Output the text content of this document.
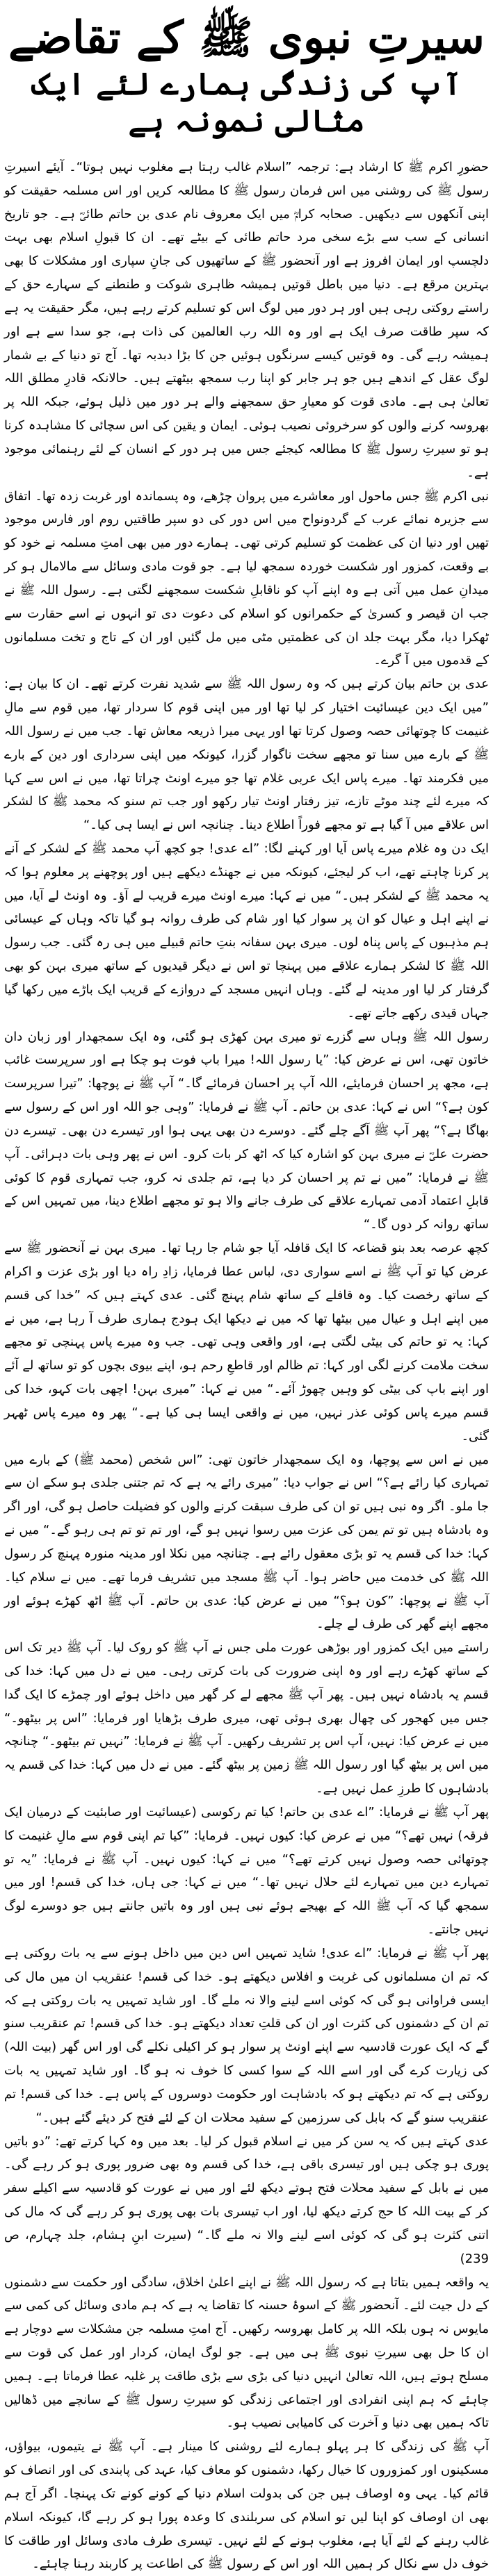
سیرتِ نبوی ﷺ کے تقاضے
آپ کی زندگی ہمارے لئے ایک مثالی نمونہ ہے

حضورِ اکرم ﷺ کا ارشاد ہے: ترجمہ ”اسلام غالب رہتا ہے مغلوب نہیں ہوتا“۔ آیئے اسیرتِ رسول ﷺ کی روشنی میں اس فرمان رسول ﷺ کا مطالعہ کریں اور اس مسلمہ حقیقت کو اپنی آنکھوں سے دیکھیں۔ صحابہ کرامؓ میں ایک معروف نام عدی بن حاتم طائیؓ ہے۔ جو تاریخ انسانی کے سب سے بڑے سخی مرد حاتم طائی کے بیٹے تھے۔ ان کا قبولِ اسلام بھی بہت دلچسپ اور ایمان افروز ہے اور آنحضور ﷺ کے ساتھیوں کی جانِ سپاری اور مشکلات کا بھی بہترین مرقع ہے۔ دنیا میں باطل قوتیں ہمیشہ ظاہری شوکت و طنطنے کے سہارے حق کے راستے روکتی رہی ہیں اور ہر دور میں لوگ اس کو تسلیم کرتے رہے ہیں، مگر حقیقت یہ ہے کہ سپر طاقت صرف ایک ہے اور وہ اللہ رب العالمین کی ذات ہے، جو سدا سے ہے اور ہمیشہ رہے گی۔ وہ قوتیں کیسے سرنگوں ہوئیں جن کا بڑا دبدبہ تھا۔ آج تو دنیا کے بے شمار لوگ عقل کے اندھے ہیں جو ہر جابر کو اپنا رب سمجھ بیٹھتے ہیں۔ حالانکہ قادرِ مطلق اللہ تعالیٰ ہی ہے۔ مادی قوت کو معیارِ حق سمجھنے والے ہر دور میں ذلیل ہوئے، جبکہ اللہ پر بھروسہ کرنے والوں کو سرخروئی نصیب ہوئی۔ ایمان و یقین کی اس سچائی کا مشاہدہ کرنا ہو تو سیرتِ رسول ﷺ کا مطالعہ کیجئے جس میں ہر دور کے انسان کے لئے رہنمائی موجود ہے۔

نبی اکرم ﷺ جس ماحول اور معاشرے میں پروان چڑھے، وہ پسماندہ اور غربت زدہ تھا۔ اتفاق سے جزیرہ نمائے عرب کے گردونواح میں اس دور کی دو سپر طاقتیں روم اور فارس موجود تھیں اور دنیا ان کی عظمت کو تسلیم کرتی تھی۔ ہمارے دور میں بھی امتِ مسلمہ نے خود کو بے وقعت، کمزور اور شکست خوردہ سمجھ لیا ہے۔ جو قوت مادی وسائل سے مالامال ہو کر میدانِ عمل میں آتی ہے وہ اپنے آپ کو ناقابلِ شکست سمجھنے لگتی ہے۔ رسول اللہ ﷺ نے جب ان قیصر و کسریٰ کے حکمرانوں کو اسلام کی دعوت دی تو انہوں نے اسے حقارت سے ٹھکرا دیا، مگر بہت جلد ان کی عظمتیں مٹی میں مل گئیں اور ان کے تاج و تخت مسلمانوں کے قدموں میں آ گرے۔

عدی بن حاتم بیان کرتے ہیں کہ وہ رسول اللہ ﷺ سے شدید نفرت کرتے تھے۔ ان کا بیان ہے: ”میں ایک دین عیسائیت اختیار کر لیا تھا اور میں اپنی قوم کا سردار تھا، میں قوم سے مالِ غنیمت کا چوتھائی حصہ وصول کرتا تھا اور یہی میرا ذریعہ معاش تھا۔ جب میں نے رسول اللہ ﷺ کے بارے میں سنا تو مجھے سخت ناگوار گزرا، کیونکہ میں اپنی سرداری اور دین کے بارے میں فکرمند تھا۔ میرے پاس ایک عربی غلام تھا جو میرے اونٹ چراتا تھا، میں نے اس سے کہا کہ میرے لئے چند موٹے تازے، تیز رفتار اونٹ تیار رکھو اور جب تم سنو کہ محمد ﷺ کا لشکر اس علاقے میں آ گیا ہے تو مجھے فوراً اطلاع دینا۔ چنانچہ اس نے ایسا ہی کیا۔“

ایک دن وہ غلام میرے پاس آیا اور کہنے لگا: ”اے عدی! جو کچھ آپ محمد ﷺ کے لشکر کے آنے پر کرنا چاہتے تھے، اب کر لیجئے، کیونکہ میں نے جھنڈے دیکھے ہیں اور پوچھنے پر معلوم ہوا کہ یہ محمد ﷺ کے لشکر ہیں۔“ میں نے کہا: میرے اونٹ میرے قریب لے آؤ۔ وہ اونٹ لے آیا، میں نے اپنے اہل و عیال کو ان پر سوار کیا اور شام کی طرف روانہ ہو گیا تاکہ وہاں کے عیسائی ہم مذہبوں کے پاس پناہ لوں۔ میری بہن سفانہ بنتِ حاتم قبیلے میں ہی رہ گئی۔ جب رسول اللہ ﷺ کا لشکر ہمارے علاقے میں پہنچا تو اس نے دیگر قیدیوں کے ساتھ میری بہن کو بھی گرفتار کر لیا اور مدینہ لے گئے۔ وہاں انہیں مسجد کے دروازے کے قریب ایک باڑے میں رکھا گیا جہاں قیدی رکھے جاتے تھے۔

رسول اللہ ﷺ وہاں سے گزرے تو میری بہن کھڑی ہو گئی، وہ ایک سمجھدار اور زبان دان خاتون تھی، اس نے عرض کیا: ”یا رسول اللہ! میرا باپ فوت ہو چکا ہے اور سرپرست غائب ہے، مجھ پر احسان فرمایئے، اللہ آپ پر احسان فرمائے گا۔“ آپ ﷺ نے پوچھا: ”تیرا سرپرست کون ہے؟“ اس نے کہا: عدی بن حاتم۔ آپ ﷺ نے فرمایا: ”وہی جو اللہ اور اس کے رسول سے بھاگا ہے؟“ پھر آپ ﷺ آگے چلے گئے۔ دوسرے دن بھی یہی ہوا اور تیسرے دن بھی۔ تیسرے دن حضرت علیؓ نے میری بہن کو اشارہ کیا کہ اٹھ کر بات کرو۔ اس نے پھر وہی بات دہرائی۔ آپ ﷺ نے فرمایا: ”میں نے تم پر احسان کر دیا ہے، تم جلدی نہ کرو، جب تمہاری قوم کا کوئی قابلِ اعتماد آدمی تمہارے علاقے کی طرف جانے والا ہو تو مجھے اطلاع دینا، میں تمہیں اس کے ساتھ روانہ کر دوں گا۔“

کچھ عرصہ بعد بنو قضاعہ کا ایک قافلہ آیا جو شام جا رہا تھا۔ میری بہن نے آنحضور ﷺ سے عرض کیا تو آپ ﷺ نے اسے سواری دی، لباس عطا فرمایا، زادِ راہ دیا اور بڑی عزت و اکرام کے ساتھ رخصت کیا۔ وہ قافلے کے ساتھ شام پہنچ گئی۔ عدی کہتے ہیں کہ ”خدا کی قسم میں اپنے اہل و عیال میں بیٹھا تھا کہ میں نے دیکھا ایک ہودج ہماری طرف آ رہا ہے، میں نے کہا: یہ تو حاتم کی بیٹی لگتی ہے، اور واقعی وہی تھی۔ جب وہ میرے پاس پہنچی تو مجھے سخت ملامت کرنے لگی اور کہا: تم ظالم اور قاطعِ رحم ہو، اپنے بیوی بچوں کو تو ساتھ لے آئے اور اپنے باپ کی بیٹی کو وہیں چھوڑ آئے۔“ میں نے کہا: ”میری بہن! اچھی بات کہو، خدا کی قسم میرے پاس کوئی عذر نہیں، میں نے واقعی ایسا ہی کیا ہے۔“ پھر وہ میرے پاس ٹھہر گئی۔

میں نے اس سے پوچھا، وہ ایک سمجھدار خاتون تھی: ”اس شخص (محمد ﷺ) کے بارے میں تمہاری کیا رائے ہے؟“ اس نے جواب دیا: ”میری رائے یہ ہے کہ تم جتنی جلدی ہو سکے ان سے جا ملو۔ اگر وہ نبی ہیں تو ان کی طرف سبقت کرنے والوں کو فضیلت حاصل ہو گی، اور اگر وہ بادشاہ ہیں تو تم یمن کی عزت میں رسوا نہیں ہو گے، اور تم تو تم ہی رہو گے۔“ میں نے کہا: خدا کی قسم یہ تو بڑی معقول رائے ہے۔ چنانچہ میں نکلا اور مدینہ منورہ پہنچ کر رسول اللہ ﷺ کی خدمت میں حاضر ہوا۔ آپ ﷺ مسجد میں تشریف فرما تھے۔ میں نے سلام کیا۔ آپ ﷺ نے پوچھا: ”کون ہو؟“ میں نے عرض کیا: عدی بن حاتم۔ آپ ﷺ اٹھ کھڑے ہوئے اور مجھے اپنے گھر کی طرف لے چلے۔

راستے میں ایک کمزور اور بوڑھی عورت ملی جس نے آپ ﷺ کو روک لیا۔ آپ ﷺ دیر تک اس کے ساتھ کھڑے رہے اور وہ اپنی ضرورت کی بات کرتی رہی۔ میں نے دل میں کہا: خدا کی قسم یہ بادشاہ نہیں ہیں۔ پھر آپ ﷺ مجھے لے کر گھر میں داخل ہوئے اور چمڑے کا ایک گدا جس میں کھجور کی چھال بھری ہوئی تھی، میری طرف بڑھایا اور فرمایا: ”اس پر بیٹھو۔“ میں نے عرض کیا: نہیں، آپ اس پر تشریف رکھیں۔ آپ ﷺ نے فرمایا: ”نہیں تم بیٹھو۔“ چنانچہ میں اس پر بیٹھ گیا اور رسول اللہ ﷺ زمین پر بیٹھ گئے۔ میں نے دل میں کہا: خدا کی قسم یہ بادشاہوں کا طرزِ عمل نہیں ہے۔

پھر آپ ﷺ نے فرمایا: ”اے عدی بن حاتم! کیا تم رکوسی (عیسائیت اور صابئیت کے درمیان ایک فرقہ) نہیں تھے؟“ میں نے عرض کیا: کیوں نہیں۔ فرمایا: ”کیا تم اپنی قوم سے مالِ غنیمت کا چوتھائی حصہ وصول نہیں کرتے تھے؟“ میں نے کہا: کیوں نہیں۔ آپ ﷺ نے فرمایا: ”یہ تو تمہارے دین میں تمہارے لئے حلال نہیں تھا۔“ میں نے کہا: جی ہاں، خدا کی قسم! اور میں سمجھ گیا کہ آپ ﷺ اللہ کے بھیجے ہوئے نبی ہیں اور وہ باتیں جانتے ہیں جو دوسرے لوگ نہیں جانتے۔

پھر آپ ﷺ نے فرمایا: ”اے عدی! شاید تمہیں اس دین میں داخل ہونے سے یہ بات روکتی ہے کہ تم ان مسلمانوں کی غربت و افلاس دیکھتے ہو۔ خدا کی قسم! عنقریب ان میں مال کی ایسی فراوانی ہو گی کہ کوئی اسے لینے والا نہ ملے گا۔ اور شاید تمہیں یہ بات روکتی ہے کہ تم ان کے دشمنوں کی کثرت اور ان کی قلتِ تعداد دیکھتے ہو۔ خدا کی قسم! تم عنقریب سنو گے کہ ایک عورت قادسیہ سے اپنے اونٹ پر سوار ہو کر اکیلی نکلے گی اور اس گھر (بیت اللہ) کی زیارت کرے گی اور اسے اللہ کے سوا کسی کا خوف نہ ہو گا۔ اور شاید تمہیں یہ بات روکتی ہے کہ تم دیکھتے ہو کہ بادشاہت اور حکومت دوسروں کے پاس ہے۔ خدا کی قسم! تم عنقریب سنو گے کہ بابل کی سرزمین کے سفید محلات ان کے لئے فتح کر دیئے گئے ہیں۔“

عدی کہتے ہیں کہ یہ سن کر میں نے اسلام قبول کر لیا۔ بعد میں وہ کہا کرتے تھے: ”دو باتیں پوری ہو چکی ہیں اور تیسری باقی ہے، خدا کی قسم وہ بھی ضرور پوری ہو کر رہے گی۔ میں نے بابل کے سفید محلات فتح ہوتے دیکھ لئے اور میں نے عورت کو قادسیہ سے اکیلے سفر کر کے بیت اللہ کا حج کرتے دیکھ لیا، اور اب تیسری بات بھی پوری ہو کر رہے گی کہ مال کی اتنی کثرت ہو گی کہ کوئی اسے لینے والا نہ ملے گا۔“ (سیرت ابنِ ہشام، جلد چہارم، ص 239)

یہ واقعہ ہمیں بتاتا ہے کہ رسول اللہ ﷺ نے اپنے اعلیٰ اخلاق، سادگی اور حکمت سے دشمنوں کے دل جیت لئے۔ آنحضور ﷺ کے اسوۂ حسنہ کا تقاضا یہ ہے کہ ہم مادی وسائل کی کمی سے مایوس نہ ہوں بلکہ اللہ پر کامل بھروسہ رکھیں۔ آج امتِ مسلمہ جن مشکلات سے دوچار ہے ان کا حل بھی سیرتِ نبوی ﷺ ہی میں ہے۔ جو لوگ ایمان، کردار اور عمل کی قوت سے مسلح ہوتے ہیں، اللہ تعالیٰ انہیں دنیا کی بڑی سے بڑی طاقت پر غلبہ عطا فرماتا ہے۔ ہمیں چاہئے کہ ہم اپنی انفرادی اور اجتماعی زندگی کو سیرتِ رسول ﷺ کے سانچے میں ڈھالیں تاکہ ہمیں بھی دنیا و آخرت کی کامیابی نصیب ہو۔

آپ ﷺ کی زندگی کا ہر پہلو ہمارے لئے روشنی کا مینار ہے۔ آپ ﷺ نے یتیموں، بیواؤں، مسکینوں اور کمزوروں کا خیال رکھا، دشمنوں کو معاف کیا، عہد کی پابندی کی اور انصاف کو قائم کیا۔ یہی وہ اوصاف ہیں جن کی بدولت اسلام دنیا کے کونے کونے تک پہنچا۔ اگر آج ہم بھی ان اوصاف کو اپنا لیں تو اسلام کی سربلندی کا وعدہ پورا ہو کر رہے گا، کیونکہ اسلام غالب رہنے کے لئے آیا ہے، مغلوب ہونے کے لئے نہیں۔ تیسری طرف مادی وسائل اور طاقت کا خوف دل سے نکال کر ہمیں اللہ اور اس کے رسول ﷺ کی اطاعت پر کاربند رہنا چاہئے۔
